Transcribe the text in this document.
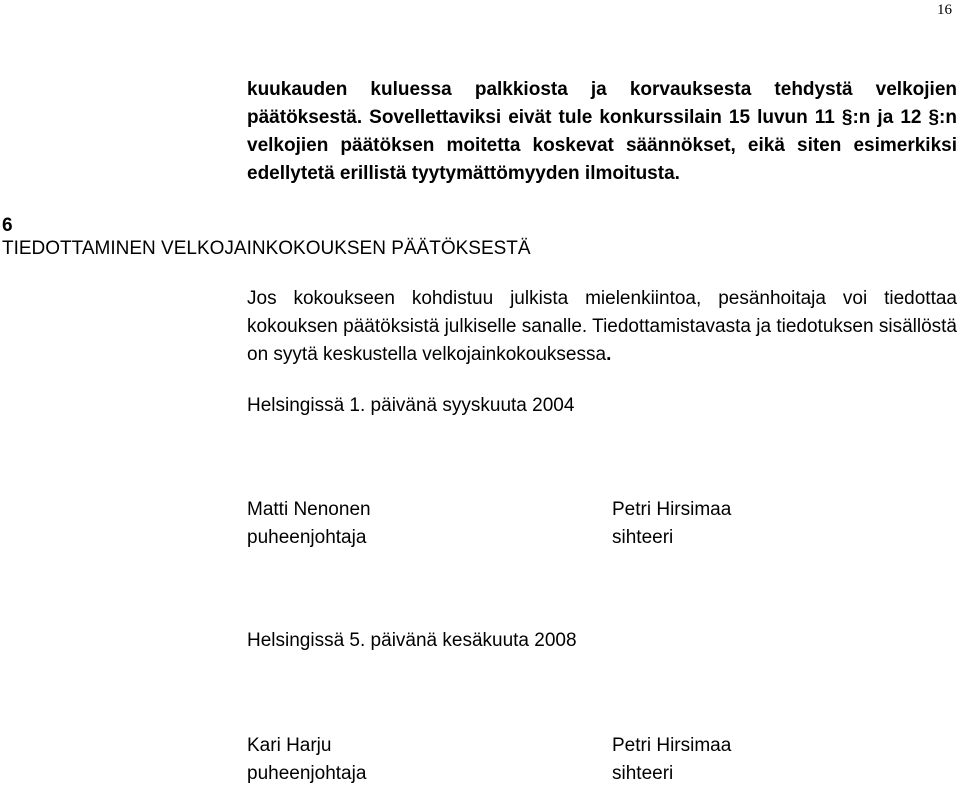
16

kuukauden kuluessa palkkiosta ja korvauksesta tehdystä velkojien päätöksestä. Sovellettaviksi eivät tule konkurssilain 15 luvun 11 §:n ja 12 §:n velkojien päätöksen moitetta koskevat säännökset, eikä siten esimerkiksi edellytetä erillistä tyytymättömyyden ilmoitusta.

6
TIEDOTTAMINEN VELKOJAINKOKOUKSEN PÄÄTÖKSESTÄ

Jos kokoukseen kohdistuu julkista mielenkiintoa, pesänhoitaja voi tiedottaa kokouksen päätöksistä julkiselle sanalle. Tiedottamistavasta ja tiedotuksen sisällöstä on syytä keskustella velkojainkokouksessa.

Helsingissä 1. päivänä syyskuuta 2004
Matti Nenonen
puheenjohtaja
Petri Hirsimaa
sihteeri
Helsingissä 5. päivänä kesäkuuta 2008
Kari Harju
puheenjohtaja
Petri Hirsimaa
sihteeri
